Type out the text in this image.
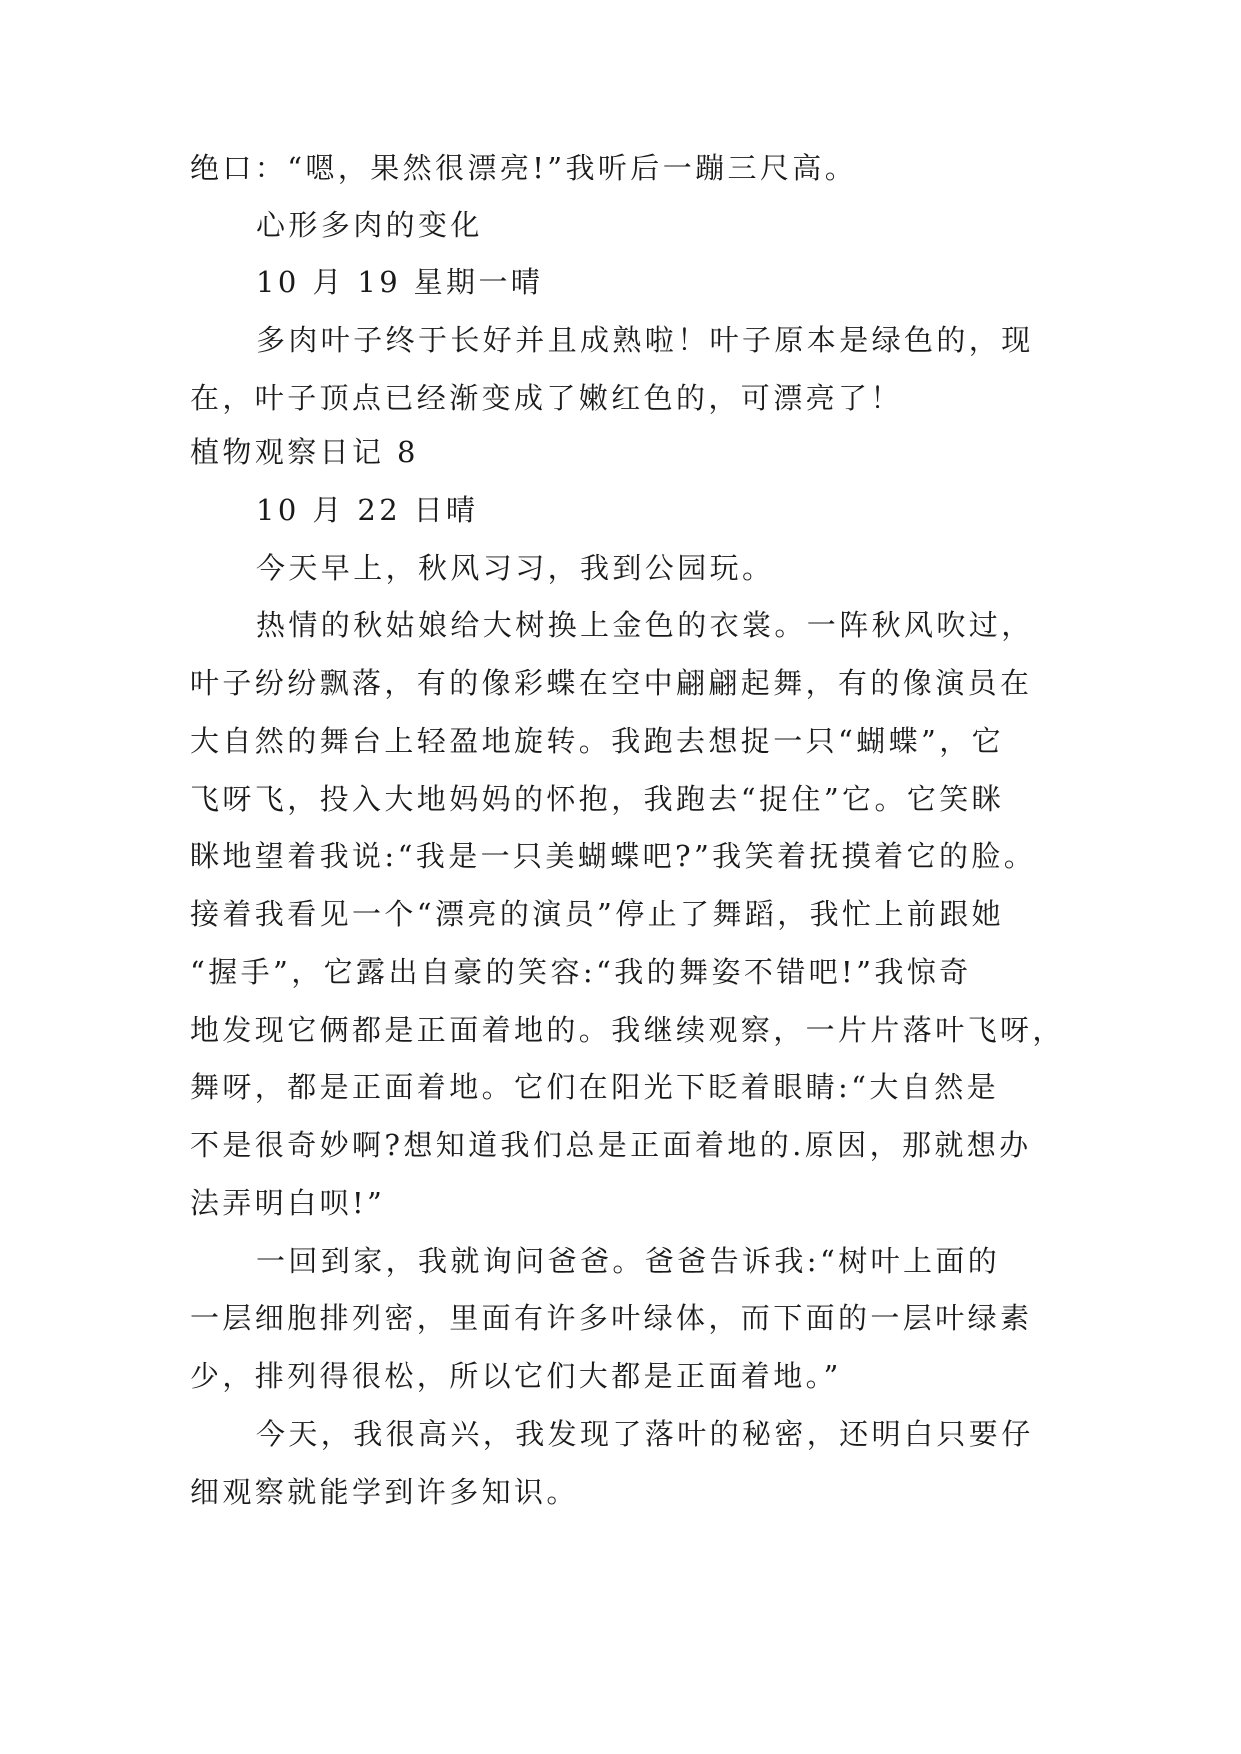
绝口：“嗯，果然很漂亮!”我听后一蹦三尺高。
心形多肉的变化
10 月 19 星期一晴
多肉叶子终于长好并且成熟啦！叶子原本是绿色的，现
在，叶子顶点已经渐变成了嫩红色的，可漂亮了！
植物观察日记 8
10 月 22 日晴
今天早上，秋风习习，我到公园玩。
热情的秋姑娘给大树换上金色的衣裳。一阵秋风吹过，
叶子纷纷飘落，有的像彩蝶在空中翩翩起舞，有的像演员在
大自然的舞台上轻盈地旋转。我跑去想捉一只“蝴蝶”，它
飞呀飞，投入大地妈妈的怀抱，我跑去“捉住”它。它笑眯
眯地望着我说:“我是一只美蝴蝶吧?”我笑着抚摸着它的脸。
接着我看见一个“漂亮的演员”停止了舞蹈，我忙上前跟她
“握手”，它露出自豪的笑容:“我的舞姿不错吧!”我惊奇
地发现它俩都是正面着地的。我继续观察，一片片落叶飞呀，
舞呀，都是正面着地。它们在阳光下眨着眼睛:“大自然是
不是很奇妙啊?想知道我们总是正面着地的.原因，那就想办
法弄明白呗!”
一回到家，我就询问爸爸。爸爸告诉我:“树叶上面的
一层细胞排列密，里面有许多叶绿体，而下面的一层叶绿素
少，排列得很松，所以它们大都是正面着地。”
今天，我很高兴，我发现了落叶的秘密，还明白只要仔
细观察就能学到许多知识。
